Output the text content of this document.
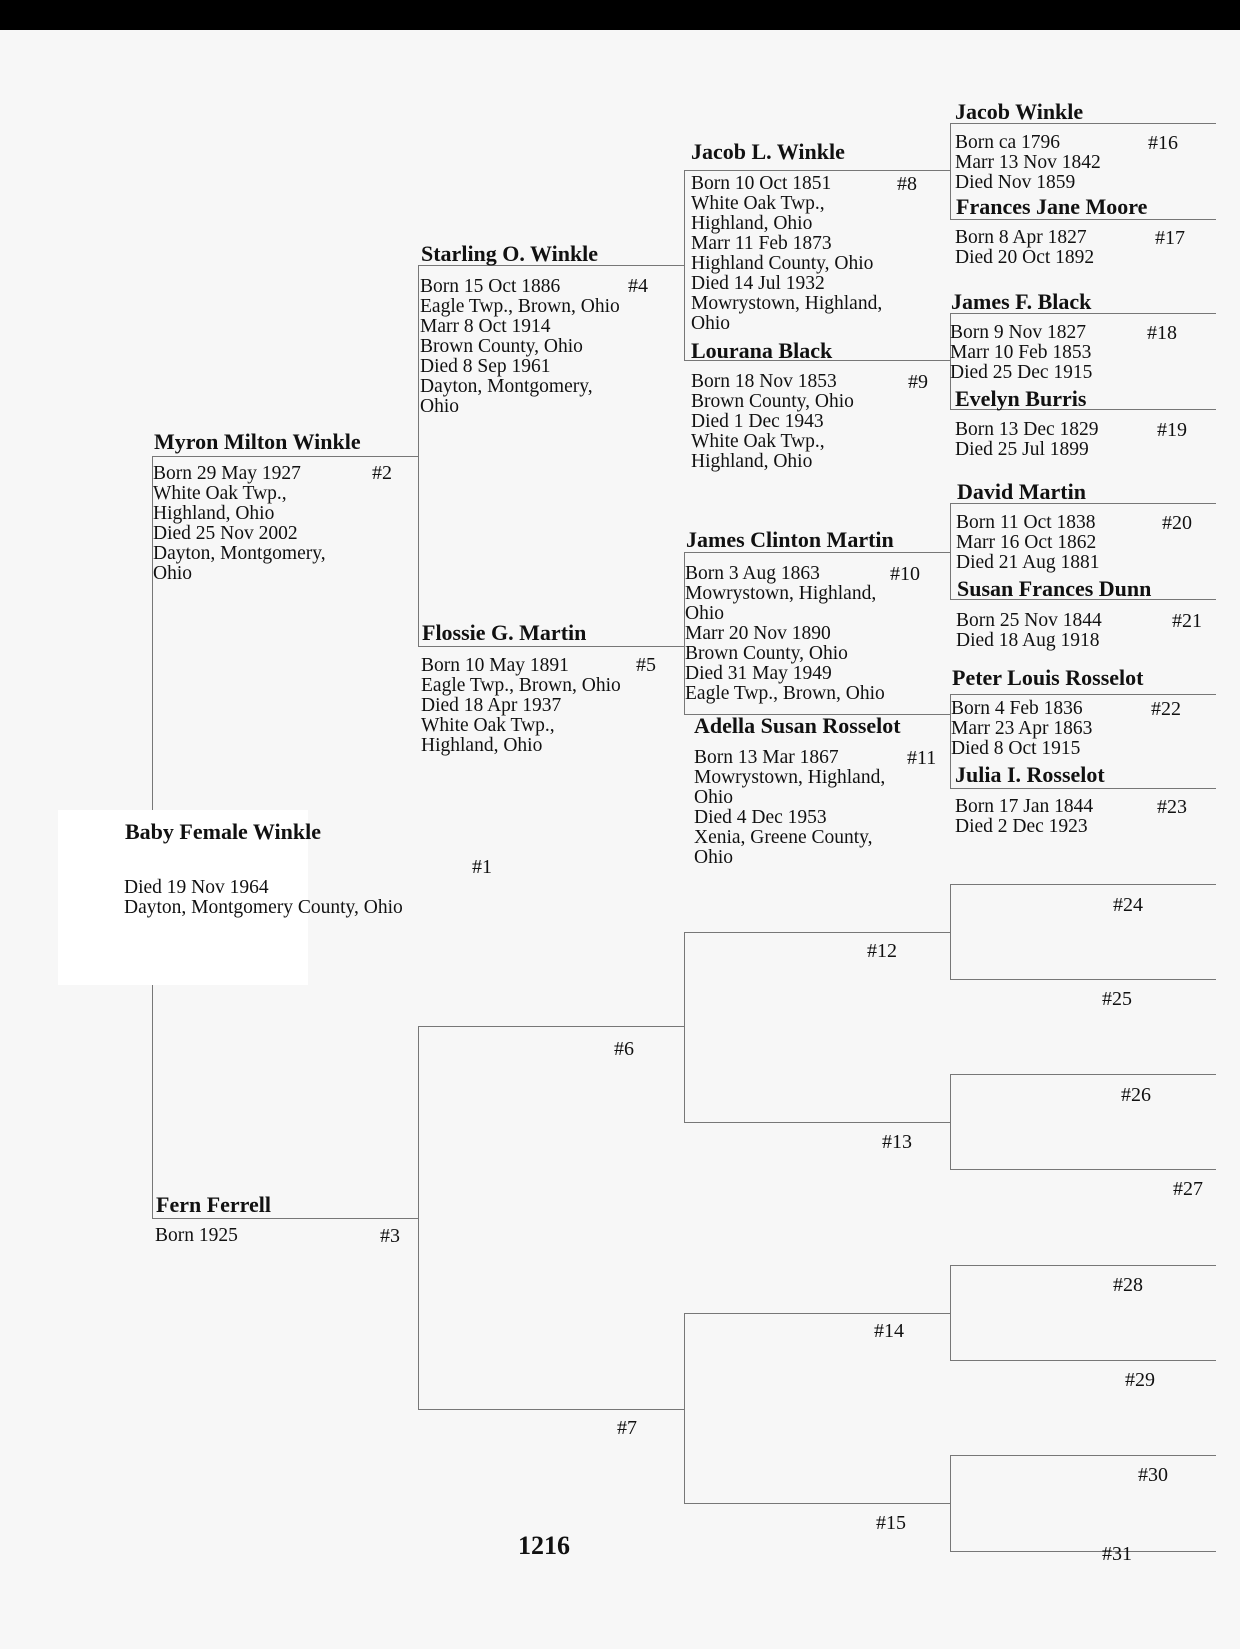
Baby Female Winkle
Died 19 Nov 1964
Dayton, Montgomery County, Ohio
#1
Myron Milton Winkle
Born 29 May 1927
White Oak Twp.,
Highland, Ohio
Died 25 Nov 2002
Dayton, Montgomery,
Ohio
#2
Fern Ferrell
Born 1925	#3
Starling O. Winkle
Born 15 Oct 1886
Eagle Twp., Brown, Ohio
Marr 8 Oct 1914
Brown County, Ohio
Died 8 Sep 1961
Dayton, Montgomery,
Ohio
#4
Flossie G. Martin
Born 10 May 1891
Eagle Twp., Brown, Ohio
Died 18 Apr 1937
White Oak Twp.,
Highland, Ohio
#5
#6
#7
Jacob L. Winkle
Born 10 Oct 1851
White Oak Twp.,
Highland, Ohio
Marr 11 Feb 1873
Highland County, Ohio
Died 14 Jul 1932
Mowrystown, Highland,
Ohio
#8
Lourana Black
Born 18 Nov 1853
Brown County, Ohio
Died 1 Dec 1943
White Oak Twp.,
Highland, Ohio
#9
James Clinton Martin
Born 3 Aug 1863
Mowrystown, Highland,
Ohio
Marr 20 Nov 1890
Brown County, Ohio
Died 31 May 1949
Eagle Twp., Brown, Ohio
#10
Adella Susan Rosselot
Born 13 Mar 1867
Mowrystown, Highland,
Ohio
Died 4 Dec 1953
Xenia, Greene County,
Ohio
#11
#12
#13
#14
#15
Jacob Winkle
Born ca 1796
Marr 13 Nov 1842
Died Nov 1859
#16
Frances Jane Moore
Born 8 Apr 1827
Died 20 Oct 1892
#17
James F. Black
Born 9 Nov 1827
Marr 10 Feb 1853
Died 25 Dec 1915
#18
Evelyn Burris
Born 13 Dec 1829
Died 25 Jul 1899
#19
David Martin
Born 11 Oct 1838
Marr 16 Oct 1862
Died 21 Aug 1881
#20
Susan Frances Dunn
Born 25 Nov 1844
Died 18 Aug 1918
#21
Peter Louis Rosselot
Born 4 Feb 1836
Marr 23 Apr 1863
Died 8 Oct 1915
#22
Julia I. Rosselot
Born 17 Jan 1844
Died 2 Dec 1923
#23
#24
#25
#26
#27
#28
#29
#30
#31
1216
